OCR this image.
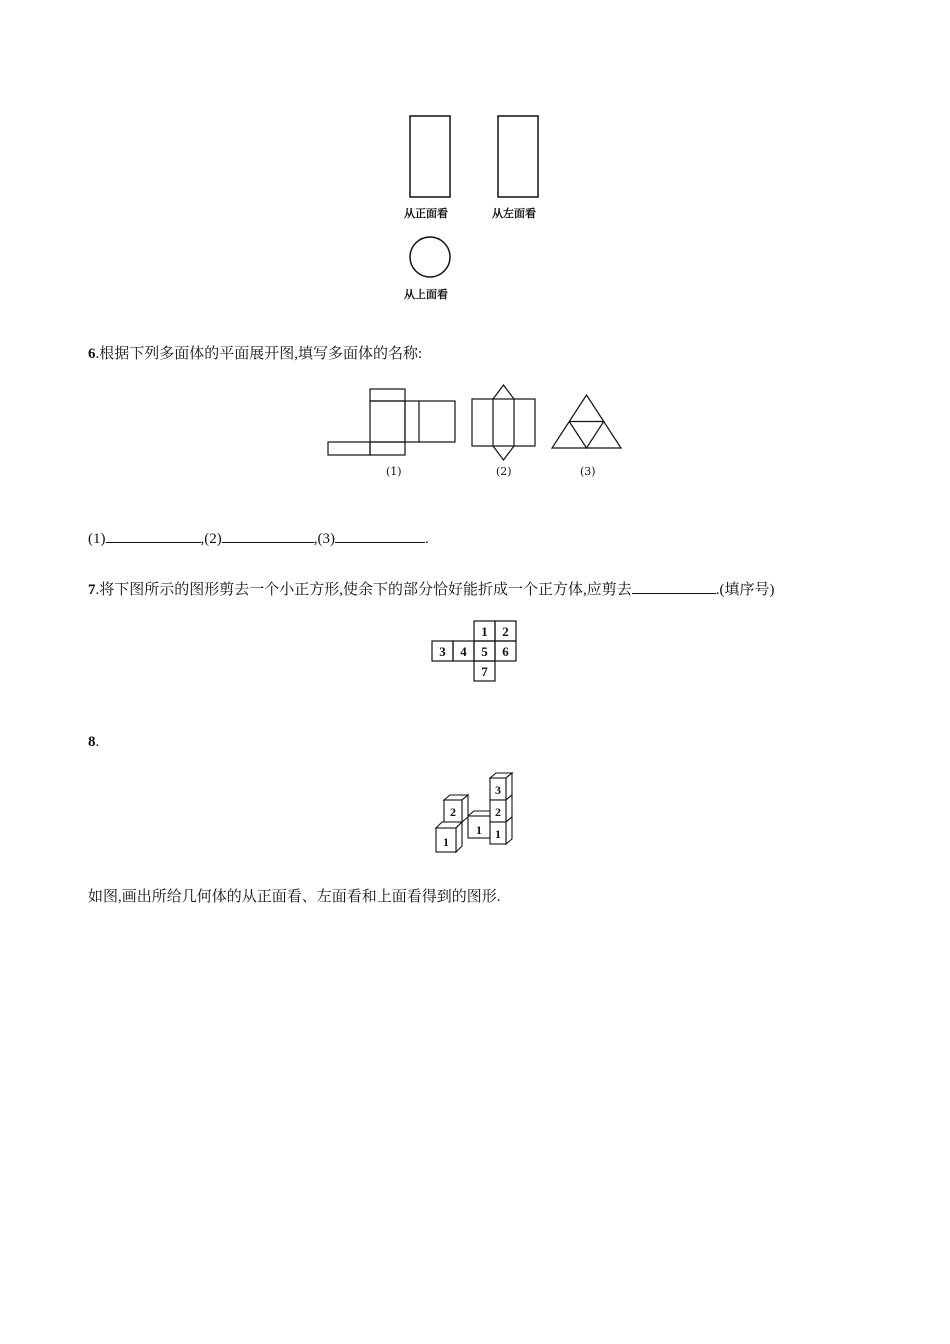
从正面看	从左面看
从上面看
6.根据下列多面体的平面展开图,填写多面体的名称:
(1)	(2)	(3)
(1)	,(2)	,(3)	.
7.将下图所示的图形剪去一个小正方形,使余下的部分恰好能折成一个正方体,应剪去	.(填序号)
1 2
3 4 5 6
7
8.
3
2
2
1 1
1
如图,画出所给几何体的从正面看、左面看和上面看得到的图形.
